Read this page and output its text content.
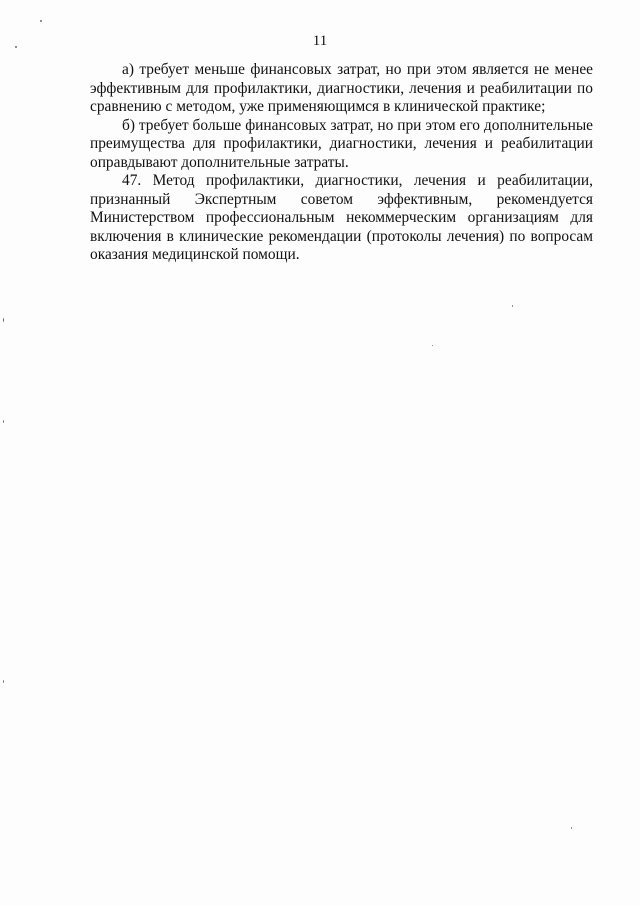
11

а) требует меньше финансовых затрат, но при этом является не менее эффективным для профилактики, диагностики, лечения и реабилитации по сравнению с методом, уже применяющимся в клинической практике;

б) требует больше финансовых затрат, но при этом его дополнительные преимущества для профилактики, диагностики, лечения и реабилитации оправдывают дополнительные затраты.

47. Метод профилактики, диагностики, лечения и реабилитации, признанный Экспертным советом эффективным, рекомендуется Министерством профессиональным некоммерческим организациям для включения в клинические рекомендации (протоколы лечения) по вопросам оказания медицинской помощи.
